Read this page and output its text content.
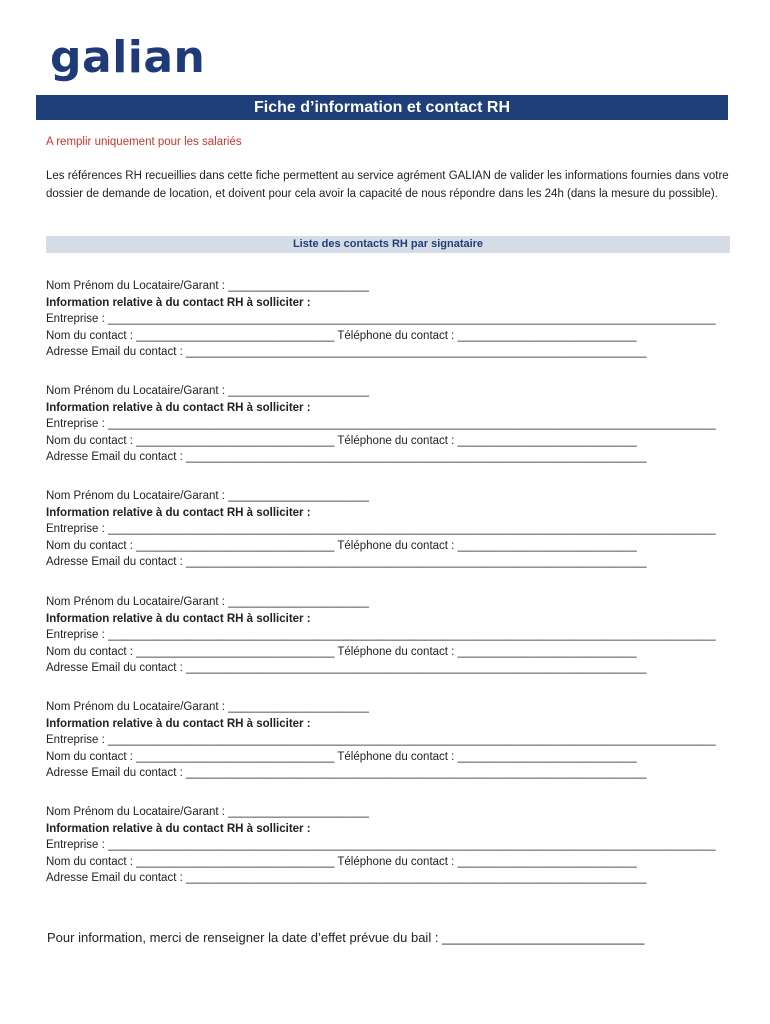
galian
Fiche d’information et contact RH
A remplir uniquement pour les salariés
Les références RH recueillies dans cette fiche permettent au service agrément GALIAN de valider les informations fournies dans votre dossier de demande de location, et doivent pour cela avoir la capacité de nous répondre dans les 24h (dans la mesure du possible).
Liste des contacts RH par signataire
Nom Prénom du Locataire/Garant : ______________________
Information relative à du contact RH à solliciter :
Entreprise : _______________________________________________________________________________________________
Nom du contact : _______________________________ Téléphone du contact : ____________________________
Adresse Email du contact : ________________________________________________________________________
Nom Prénom du Locataire/Garant : ______________________
Information relative à du contact RH à solliciter :
Entreprise : _______________________________________________________________________________________________
Nom du contact : _______________________________ Téléphone du contact : ____________________________
Adresse Email du contact : ________________________________________________________________________
Nom Prénom du Locataire/Garant : ______________________
Information relative à du contact RH à solliciter :
Entreprise : _______________________________________________________________________________________________
Nom du contact : _______________________________ Téléphone du contact : ____________________________
Adresse Email du contact : ________________________________________________________________________
Nom Prénom du Locataire/Garant : ______________________
Information relative à du contact RH à solliciter :
Entreprise : _______________________________________________________________________________________________
Nom du contact : _______________________________ Téléphone du contact : ____________________________
Adresse Email du contact : ________________________________________________________________________
Nom Prénom du Locataire/Garant : ______________________
Information relative à du contact RH à solliciter :
Entreprise : _______________________________________________________________________________________________
Nom du contact : _______________________________ Téléphone du contact : ____________________________
Adresse Email du contact : ________________________________________________________________________
Nom Prénom du Locataire/Garant : ______________________
Information relative à du contact RH à solliciter :
Entreprise : _______________________________________________________________________________________________
Nom du contact : _______________________________ Téléphone du contact : ____________________________
Adresse Email du contact : ________________________________________________________________________
Pour information, merci de renseigner la date d’effet prévue du bail : ____________________________
